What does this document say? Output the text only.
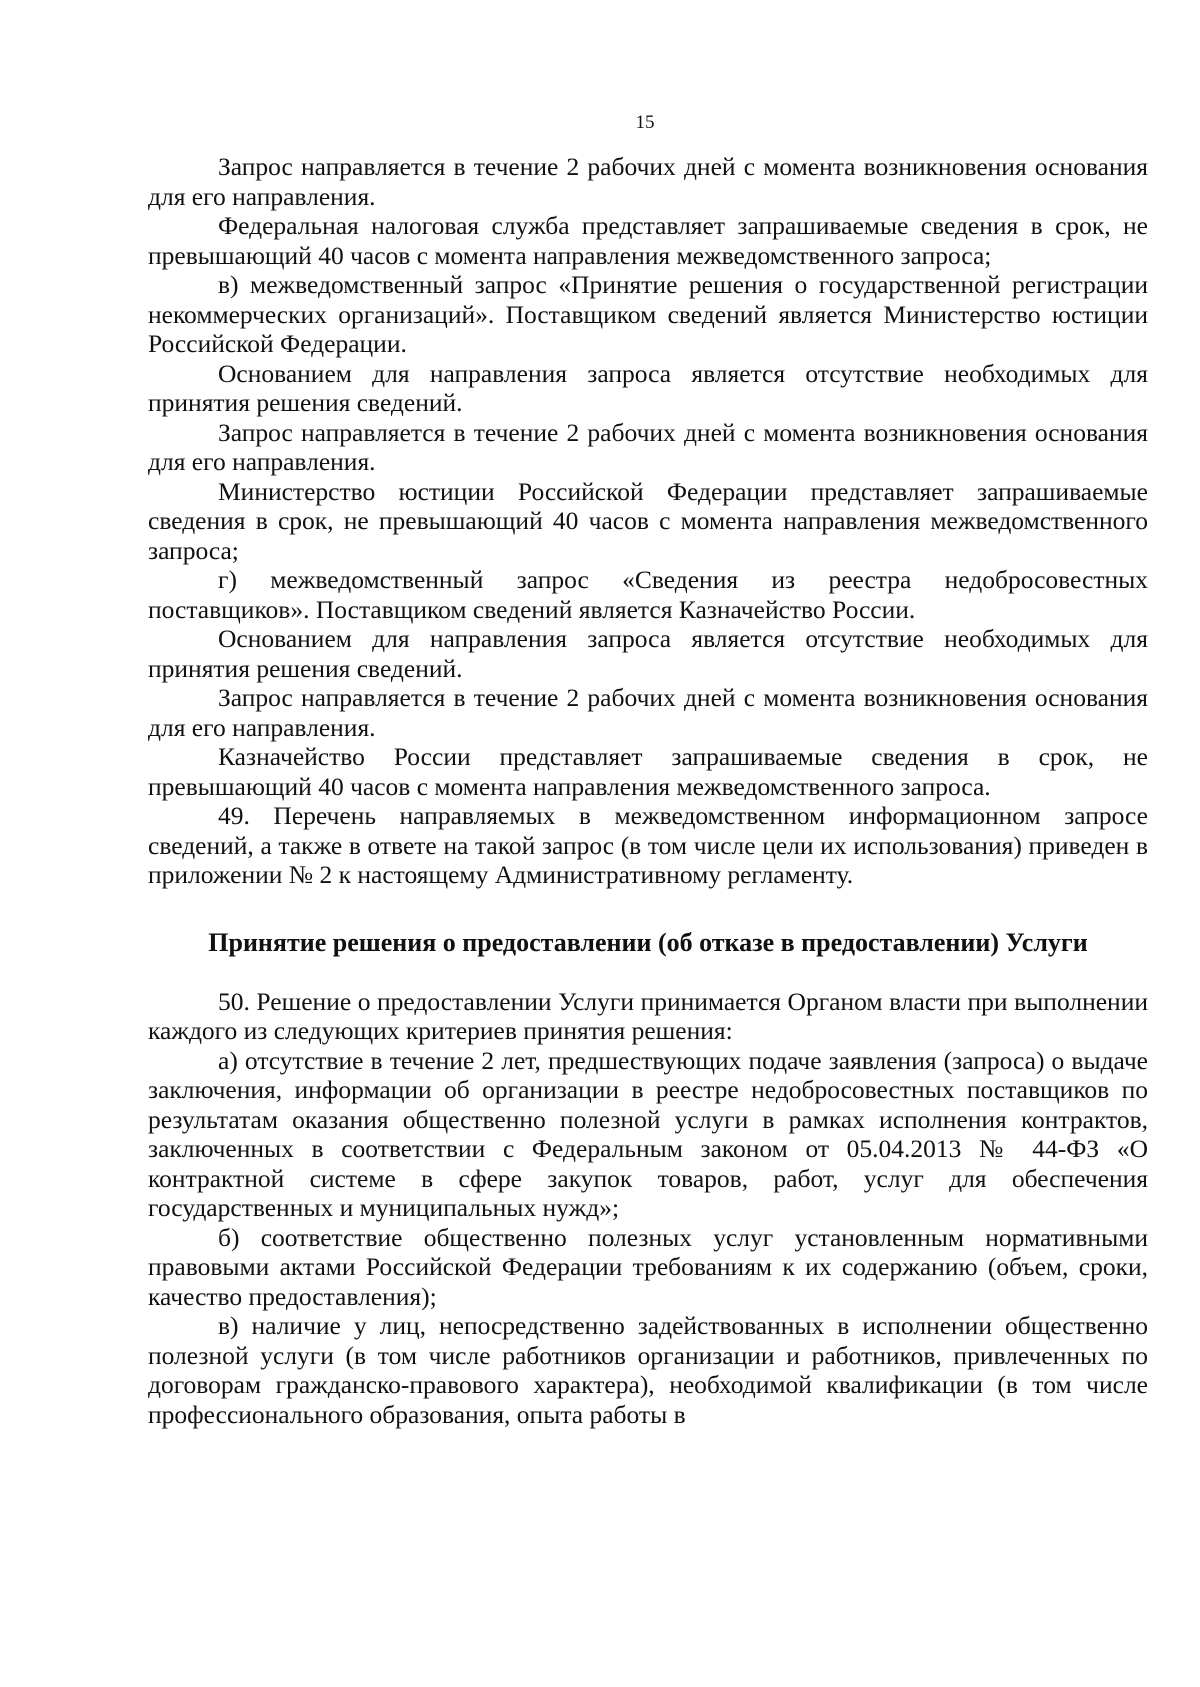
15

Запрос направляется в течение 2 рабочих дней с момента возникновения основания для его направления.

Федеральная налоговая служба представляет запрашиваемые сведения в срок, не превышающий 40 часов с момента направления межведомственного запроса;

в) межведомственный запрос «Принятие решения о государственной регистрации некоммерческих организаций». Поставщиком сведений является Министерство юстиции Российской Федерации.

Основанием для направления запроса является отсутствие необходимых для принятия решения сведений.

Запрос направляется в течение 2 рабочих дней с момента возникновения основания для его направления.

Министерство юстиции Российской Федерации представляет запрашиваемые сведения в срок, не превышающий 40 часов с момента направления межведомственного запроса;

г) межведомственный запрос «Сведения из реестра недобросовестных поставщиков». Поставщиком сведений является Казначейство России.

Основанием для направления запроса является отсутствие необходимых для принятия решения сведений.

Запрос направляется в течение 2 рабочих дней с момента возникновения основания для его направления.

Казначейство России представляет запрашиваемые сведения в срок, не превышающий 40 часов с момента направления межведомственного запроса.

49. Перечень направляемых в межведомственном информационном запросе сведений, а также в ответе на такой запрос (в том числе цели их использования) приведен в приложении № 2 к настоящему Административному регламенту.

Принятие решения о предоставлении (об отказе в предоставлении) Услуги

50. Решение о предоставлении Услуги принимается Органом власти при выполнении каждого из следующих критериев принятия решения:

а) отсутствие в течение 2 лет, предшествующих подаче заявления (запроса) о выдаче заключения, информации об организации в реестре недобросовестных поставщиков по результатам оказания общественно полезной услуги в рамках исполнения контрактов, заключенных в соответствии с Федеральным законом от 05.04.2013 № 44-ФЗ «О контрактной системе в сфере закупок товаров, работ, услуг для обеспечения государственных и муниципальных нужд»;

б) соответствие общественно полезных услуг установленным нормативными правовыми актами Российской Федерации требованиям к их содержанию (объем, сроки, качество предоставления);

в) наличие у лиц, непосредственно задействованных в исполнении общественно полезной услуги (в том числе работников организации и работников, привлеченных по договорам гражданско-правового характера), необходимой квалификации (в том числе профессионального образования, опыта работы в
